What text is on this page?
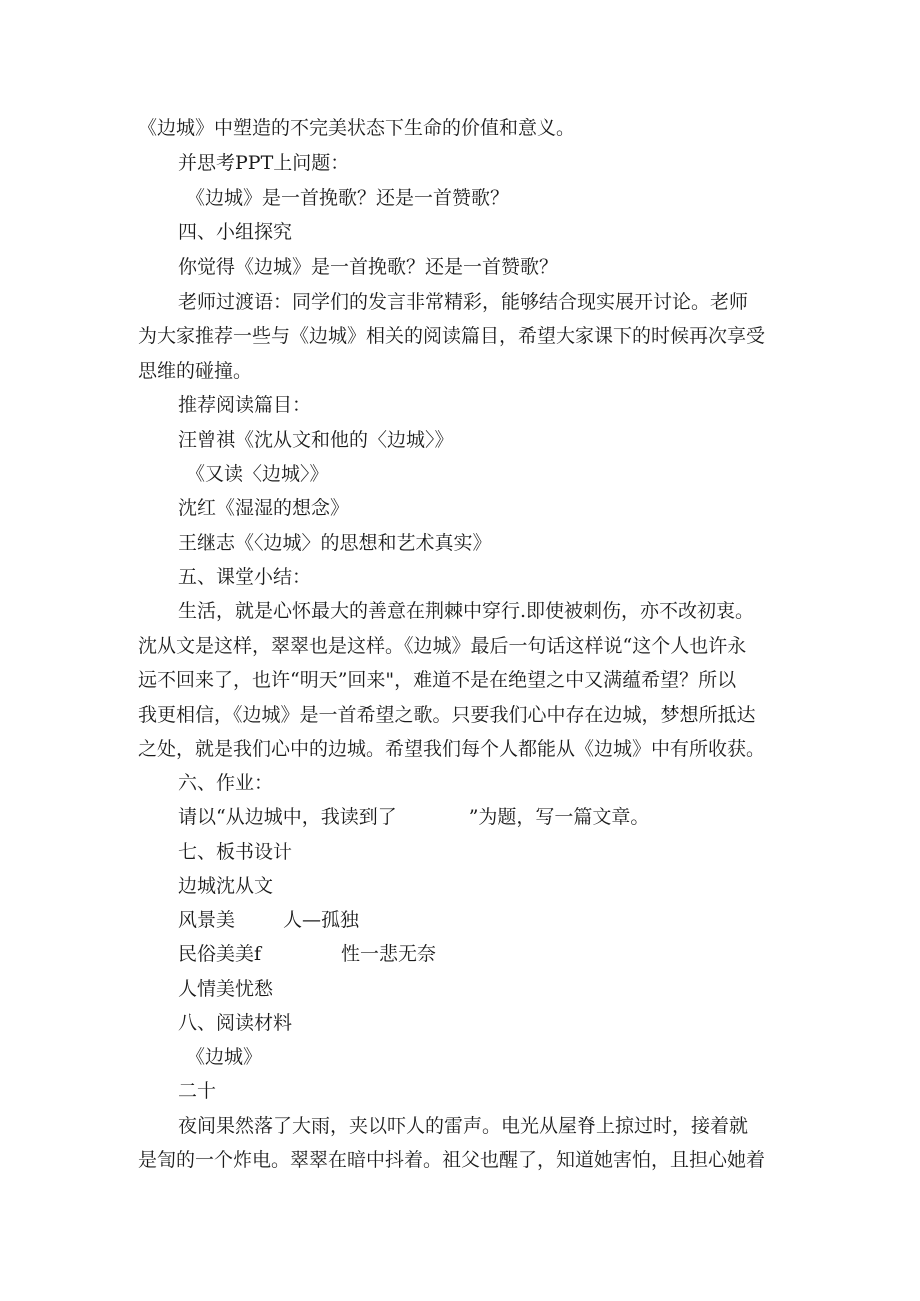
《边城》中塑造的不完美状态下生命的价值和意义。
并思考PPT上问题：
《边城》是一首挽歌？还是一首赞歌？
四、小组探究
你觉得《边城》是一首挽歌？还是一首赞歌？
老师过渡语：同学们的发言非常精彩，能够结合现实展开讨论。老师
为大家推荐一些与《边城》相关的阅读篇目，希望大家课下的时候再次享受
思维的碰撞。
推荐阅读篇目：
汪曾祺《沈从文和他的〈边城〉》
《又读〈边城〉》
沈红《湿湿的想念》
王继志《〈边城〉的思想和艺术真实》
五、课堂小结：
生活，就是心怀最大的善意在荆棘中穿行.即使被刺伤，亦不改初衷。
沈从文是这样，翠翠也是这样。《边城》最后一句话这样说“这个人也许永
远不回来了，也许“明天”回来"，难道不是在绝望之中又满蕴希望？所以
我更相信，《边城》是一首希望之歌。只要我们心中存在边城，梦想所抵达
之处，就是我们心中的边城。希望我们每个人都能从《边城》中有所收获。
六、作业：
请以“从边城中，我读到了	”为题，写一篇文章。
七、板书设计
边城沈从文
风景美	人—孤独
民俗美美f	性一悲无奈
人情美忧愁
八、阅读材料
《边城》
二十
夜间果然落了大雨，夹以吓人的雷声。电光从屋脊上掠过时，接着就
是訇的一个炸电。翠翠在暗中抖着。祖父也醒了，知道她害怕，且担心她着
